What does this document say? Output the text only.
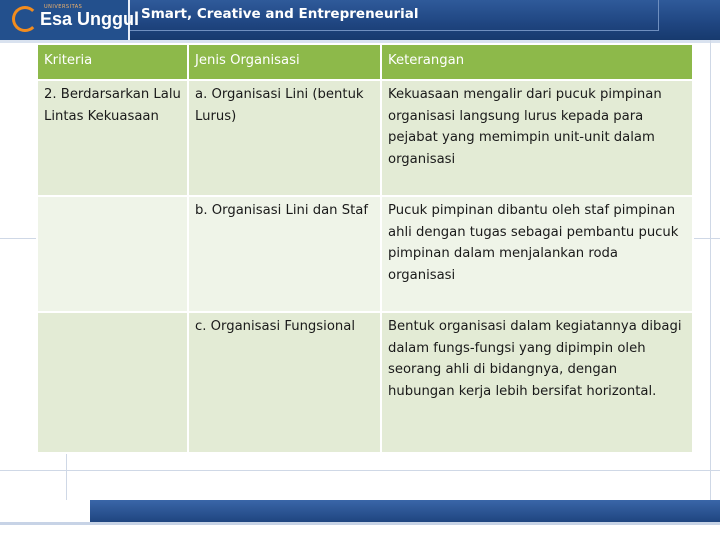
UNIVERSITAS
Esa Unggul Smart, Creative and Entrepreneurial
Kriteria	Jenis Organisasi	Keterangan
2. Berdarsarkan Lalu Lintas Kekuasaan	a. Organisasi Lini (bentuk Lurus)	Kekuasaan mengalir dari pucuk pimpinan organisasi langsung lurus kepada para pejabat yang memimpin unit-unit dalam organisasi
	b. Organisasi Lini dan Staf	Pucuk pimpinan dibantu oleh staf pimpinan ahli dengan tugas sebagai pembantu pucuk pimpinan dalam menjalankan roda organisasi
	c. Organisasi Fungsional	Bentuk organisasi dalam kegiatannya dibagi dalam fungs-fungsi yang dipimpin oleh seorang ahli di bidangnya, dengan hubungan kerja lebih bersifat horizontal.
